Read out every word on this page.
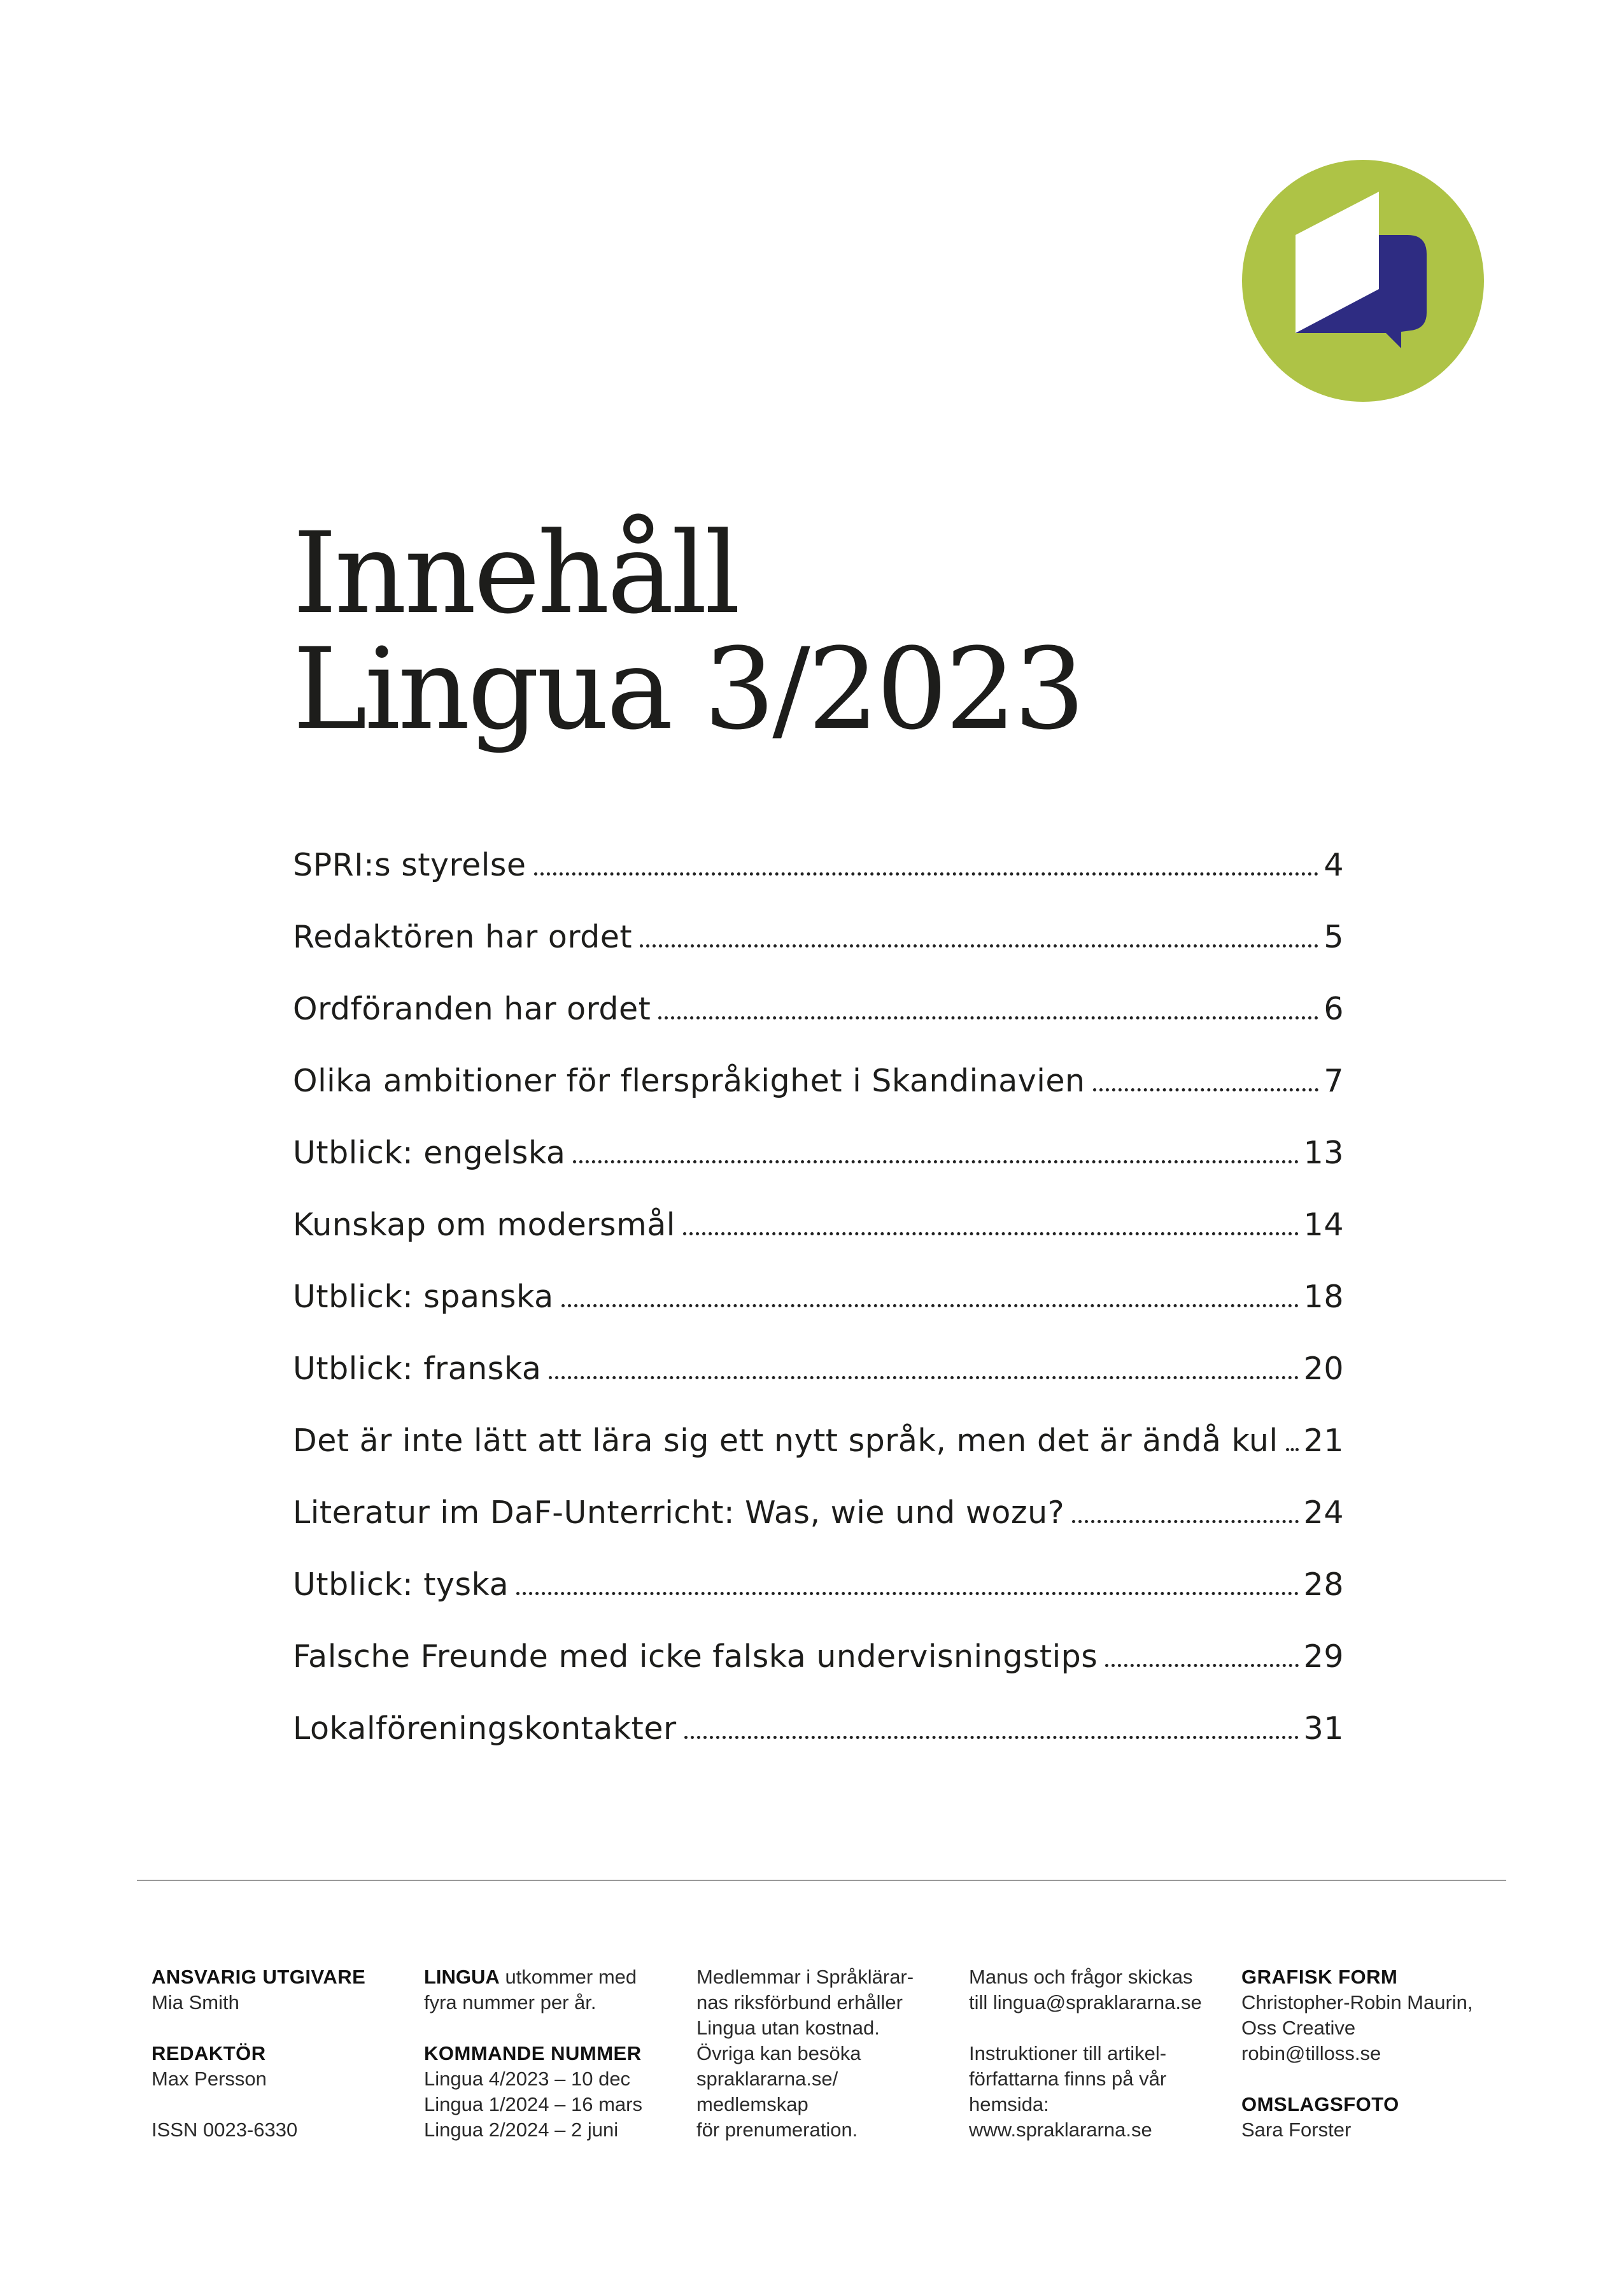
Innehåll
Lingua 3/2023
SPRI:s styrelse	4
Redaktören har ordet	5
Ordföranden har ordet	6
Olika ambitioner för flerspråkighet i Skandinavien	7
Utblick: engelska	13
Kunskap om modersmål	14
Utblick: spanska	18
Utblick: franska	20
Det är inte lätt att lära sig ett nytt språk, men det är ändå kul 21
Literatur im DaF-Unterricht: Was, wie und wozu?	24
Utblick: tyska	28
Falsche Freunde med icke falska undervisningstips	29
Lokalföreningskontakter	31
ANSVARIG UTGIVARE
Mia Smith
REDAKTÖR
Max Persson
ISSN 0023-6330
LINGUA utkommer med
fyra nummer per år.
KOMMANDE NUMMER
Lingua 4/2023 – 10 dec
Lingua 1/2024 – 16 mars
Lingua 2/2024 – 2 juni
Medlemmar i Språklärar-
nas riksförbund erhåller
Lingua utan kostnad.
Övriga kan besöka
spraklararna.se/
medlemskap
för prenumeration.
Manus och frågor skickas
till lingua@spraklararna.se
Instruktioner till artikel-
författarna finns på vår
hemsida:
www.spraklararna.se
GRAFISK FORM
Christopher-Robin Maurin,
Oss Creative
robin@tilloss.se
OMSLAGSFOTO
Sara Forster
